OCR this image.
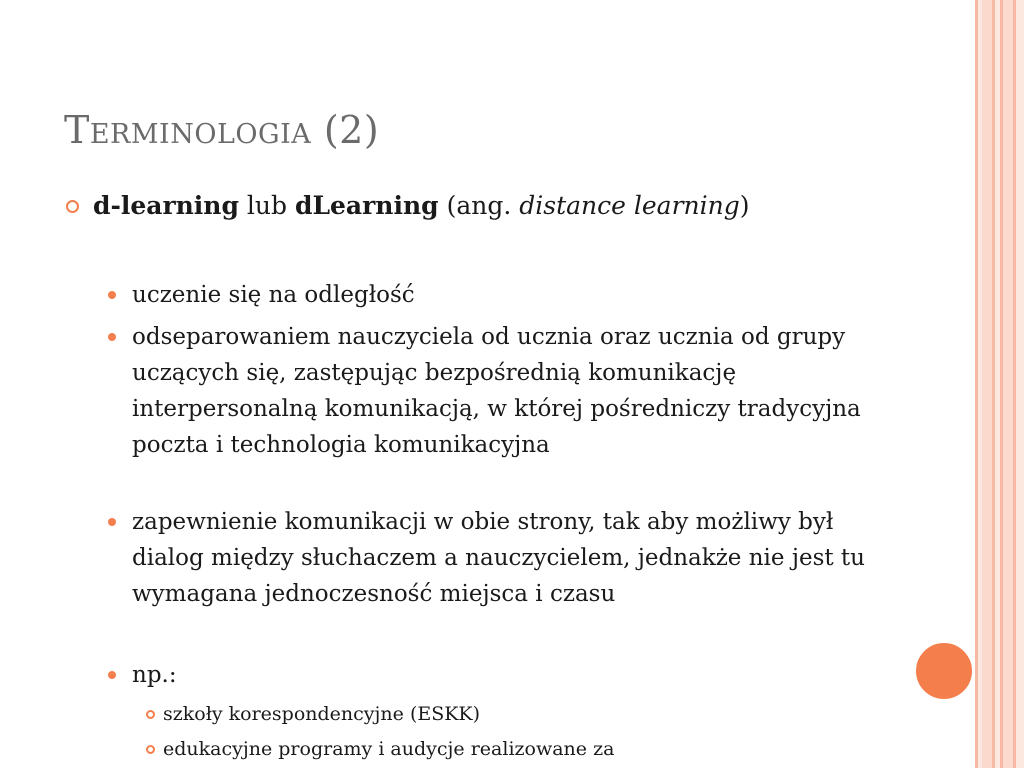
Terminologia (2)
d-learning lub dLearning (ang. distance learning)
uczenie się na odległość
odseparowaniem nauczyciela od ucznia oraz ucznia od grupy uczących się, zastępując bezpośrednią komunikację interpersonalną komunikacją, w której pośredniczy tradycyjna poczta i technologia komunikacyjna
zapewnienie komunikacji w obie strony, tak aby możliwy był dialog między słuchaczem a nauczycielem, jednakże nie jest tu wymagana jednoczesność miejsca i czasu
np.:
szkoły korespondencyjne (ESKK)
edukacyjne programy i audycje realizowane za
